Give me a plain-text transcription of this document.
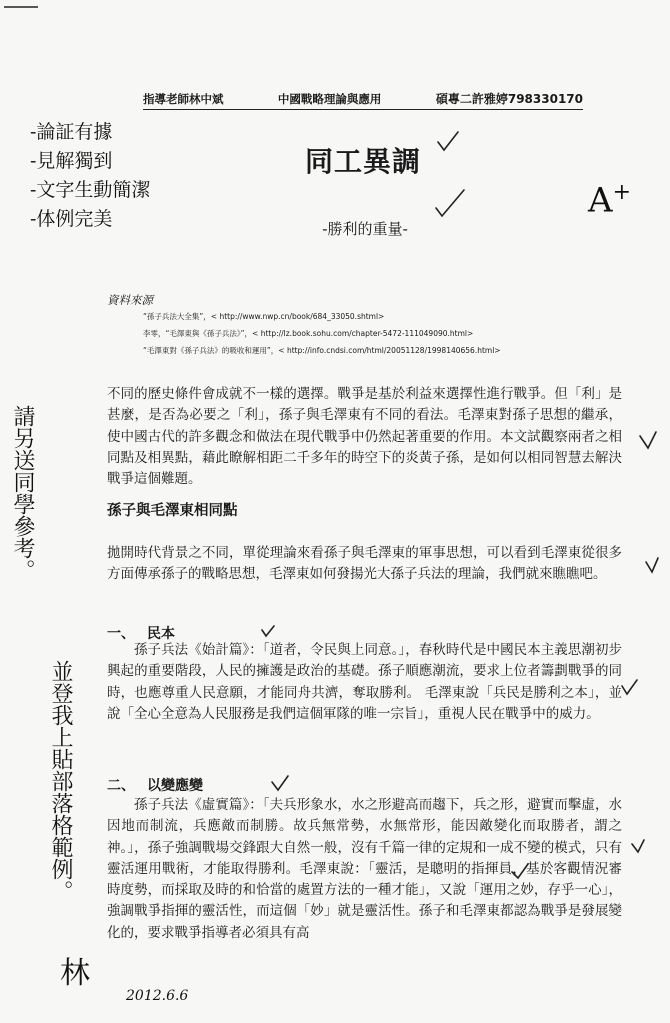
指導老師林中斌	中國戰略理論與應用	碩專二許雅婷798330170
同工異調
-勝利的重量-
資料來源
“孫子兵法大全集”，< http://www.nwp.cn/book/684_33050.shtml>
李零，“毛澤東與《孫子兵法》”，< http://lz.book.sohu.com/chapter-5472-111049090.html>
“毛澤東對《孫子兵法》的吸收和運用”，< http://info.cndsi.com/html/20051128/1998140656.html>
不同的歷史條件會成就不一樣的選擇。戰爭是基於利益來選擇性進行戰爭。但「利」是甚麼，是否為必要之「利」，孫子與毛澤東有不同的看法。毛澤東對孫子思想的繼承，使中國古代的許多觀念和做法在現代戰爭中仍然起著重要的作用。本文試觀察兩者之相同點及相異點，藉此瞭解相距二千多年的時空下的炎黃子孫，是如何以相同智慧去解決戰爭這個難題。
孫子與毛澤東相同點
拋開時代背景之不同，單從理論來看孫子與毛澤東的軍事思想，可以看到毛澤東從很多方面傳承孫子的戰略思想，毛澤東如何發揚光大孫子兵法的理論，我們就來瞧瞧吧。
一、 民本
孫子兵法《始計篇》：「道者，令民與上同意。」，春秋時代是中國民本主義思潮初步興起的重要階段，人民的擁護是政治的基礎。孫子順應潮流，要求上位者籌劃戰爭的同時，也應尊重人民意願，才能同舟共濟，奪取勝利。 毛澤東說「兵民是勝利之本」，並說「全心全意為人民服務是我們這個軍隊的唯一宗旨」，重視人民在戰爭中的威力。
二、 以變應變
孫子兵法《虛實篇》：「夫兵形象水，水之形避高而趨下，兵之形，避實而擊虛，水因地而制流，兵應敵而制勝。故兵無常勢，水無常形，能因敵變化而取勝者，謂之神。」，孫子強調戰場交鋒跟大自然一般，沒有千篇一律的定規和一成不變的模式，只有靈活運用戰術，才能取得勝利。毛澤東說：「靈活，是聰明的指揮員，基於客觀情況審時度勢，而採取及時的和恰當的處置方法的一種才能」，又說「運用之妙，存乎一心」，強調戰爭指揮的靈活性，而這個「妙」就是靈活性。孫子和毛澤東都認為戰爭是發展變化的，要求戰爭指導者必須具有高
-論証有據
-見解獨到
-文字生動簡潔
-体例完美	A+
請另送同學參考。
並登我上貼部落格範例。
林
2012.6.6
